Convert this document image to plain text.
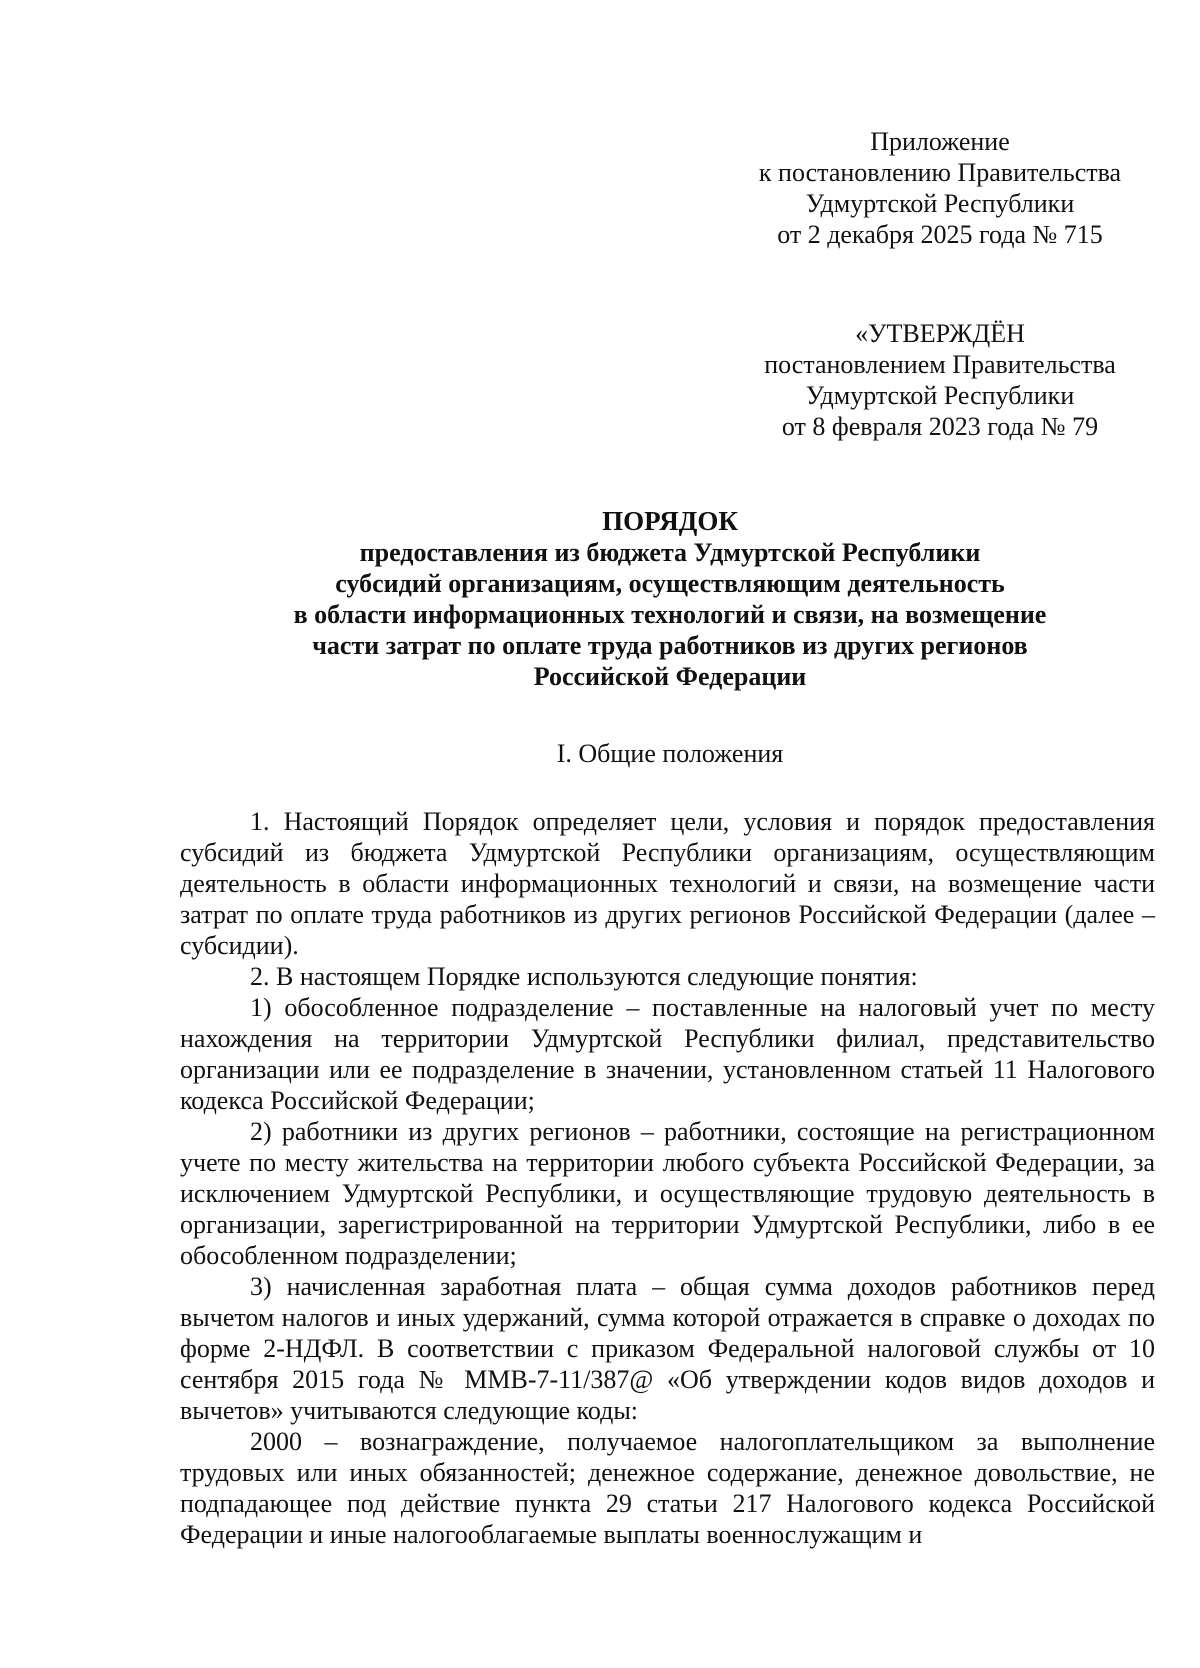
Приложение
к постановлению Правительства
Удмуртской Республики
от 2 декабря 2025 года № 715
«УТВЕРЖДЁН
постановлением Правительства
Удмуртской Республики
от 8 февраля 2023 года № 79
ПОРЯДОК
предоставления из бюджета Удмуртской Республики
субсидий организациям, осуществляющим деятельность
в области информационных технологий и связи, на возмещение
части затрат по оплате труда работников из других регионов
Российской Федерации
I. Общие положения

1. Настоящий Порядок определяет цели, условия и порядок предоставления субсидий из бюджета Удмуртской Республики организациям, осуществляющим деятельность в области информационных технологий и связи, на возмещение части затрат по оплате труда работников из других регионов Российской Федерации (далее – субсидии).

2. В настоящем Порядке используются следующие понятия:

1) обособленное подразделение – поставленные на налоговый учет по месту нахождения на территории Удмуртской Республики филиал, представительство организации или ее подразделение в значении, установленном статьей 11 Налогового кодекса Российской Федерации;

2) работники из других регионов – работники, состоящие на регистрационном учете по месту жительства на территории любого субъекта Российской Федерации, за исключением Удмуртской Республики, и осуществляющие трудовую деятельность в организации, зарегистрированной на территории Удмуртской Республики, либо в ее обособленном подразделении;

3) начисленная заработная плата – общая сумма доходов работников перед вычетом налогов и иных удержаний, сумма которой отражается в справке о доходах по форме 2-НДФЛ. В соответствии с приказом Федеральной налоговой службы от 10 сентября 2015 года № ММВ-7-11/387@ «Об утверждении кодов видов доходов и вычетов» учитываются следующие коды:

2000 – вознаграждение, получаемое налогоплательщиком за выполнение трудовых или иных обязанностей; денежное содержание, денежное довольствие, не подпадающее под действие пункта 29 статьи 217 Налогового кодекса Российской Федерации и иные налогооблагаемые выплаты военнослужащим и
